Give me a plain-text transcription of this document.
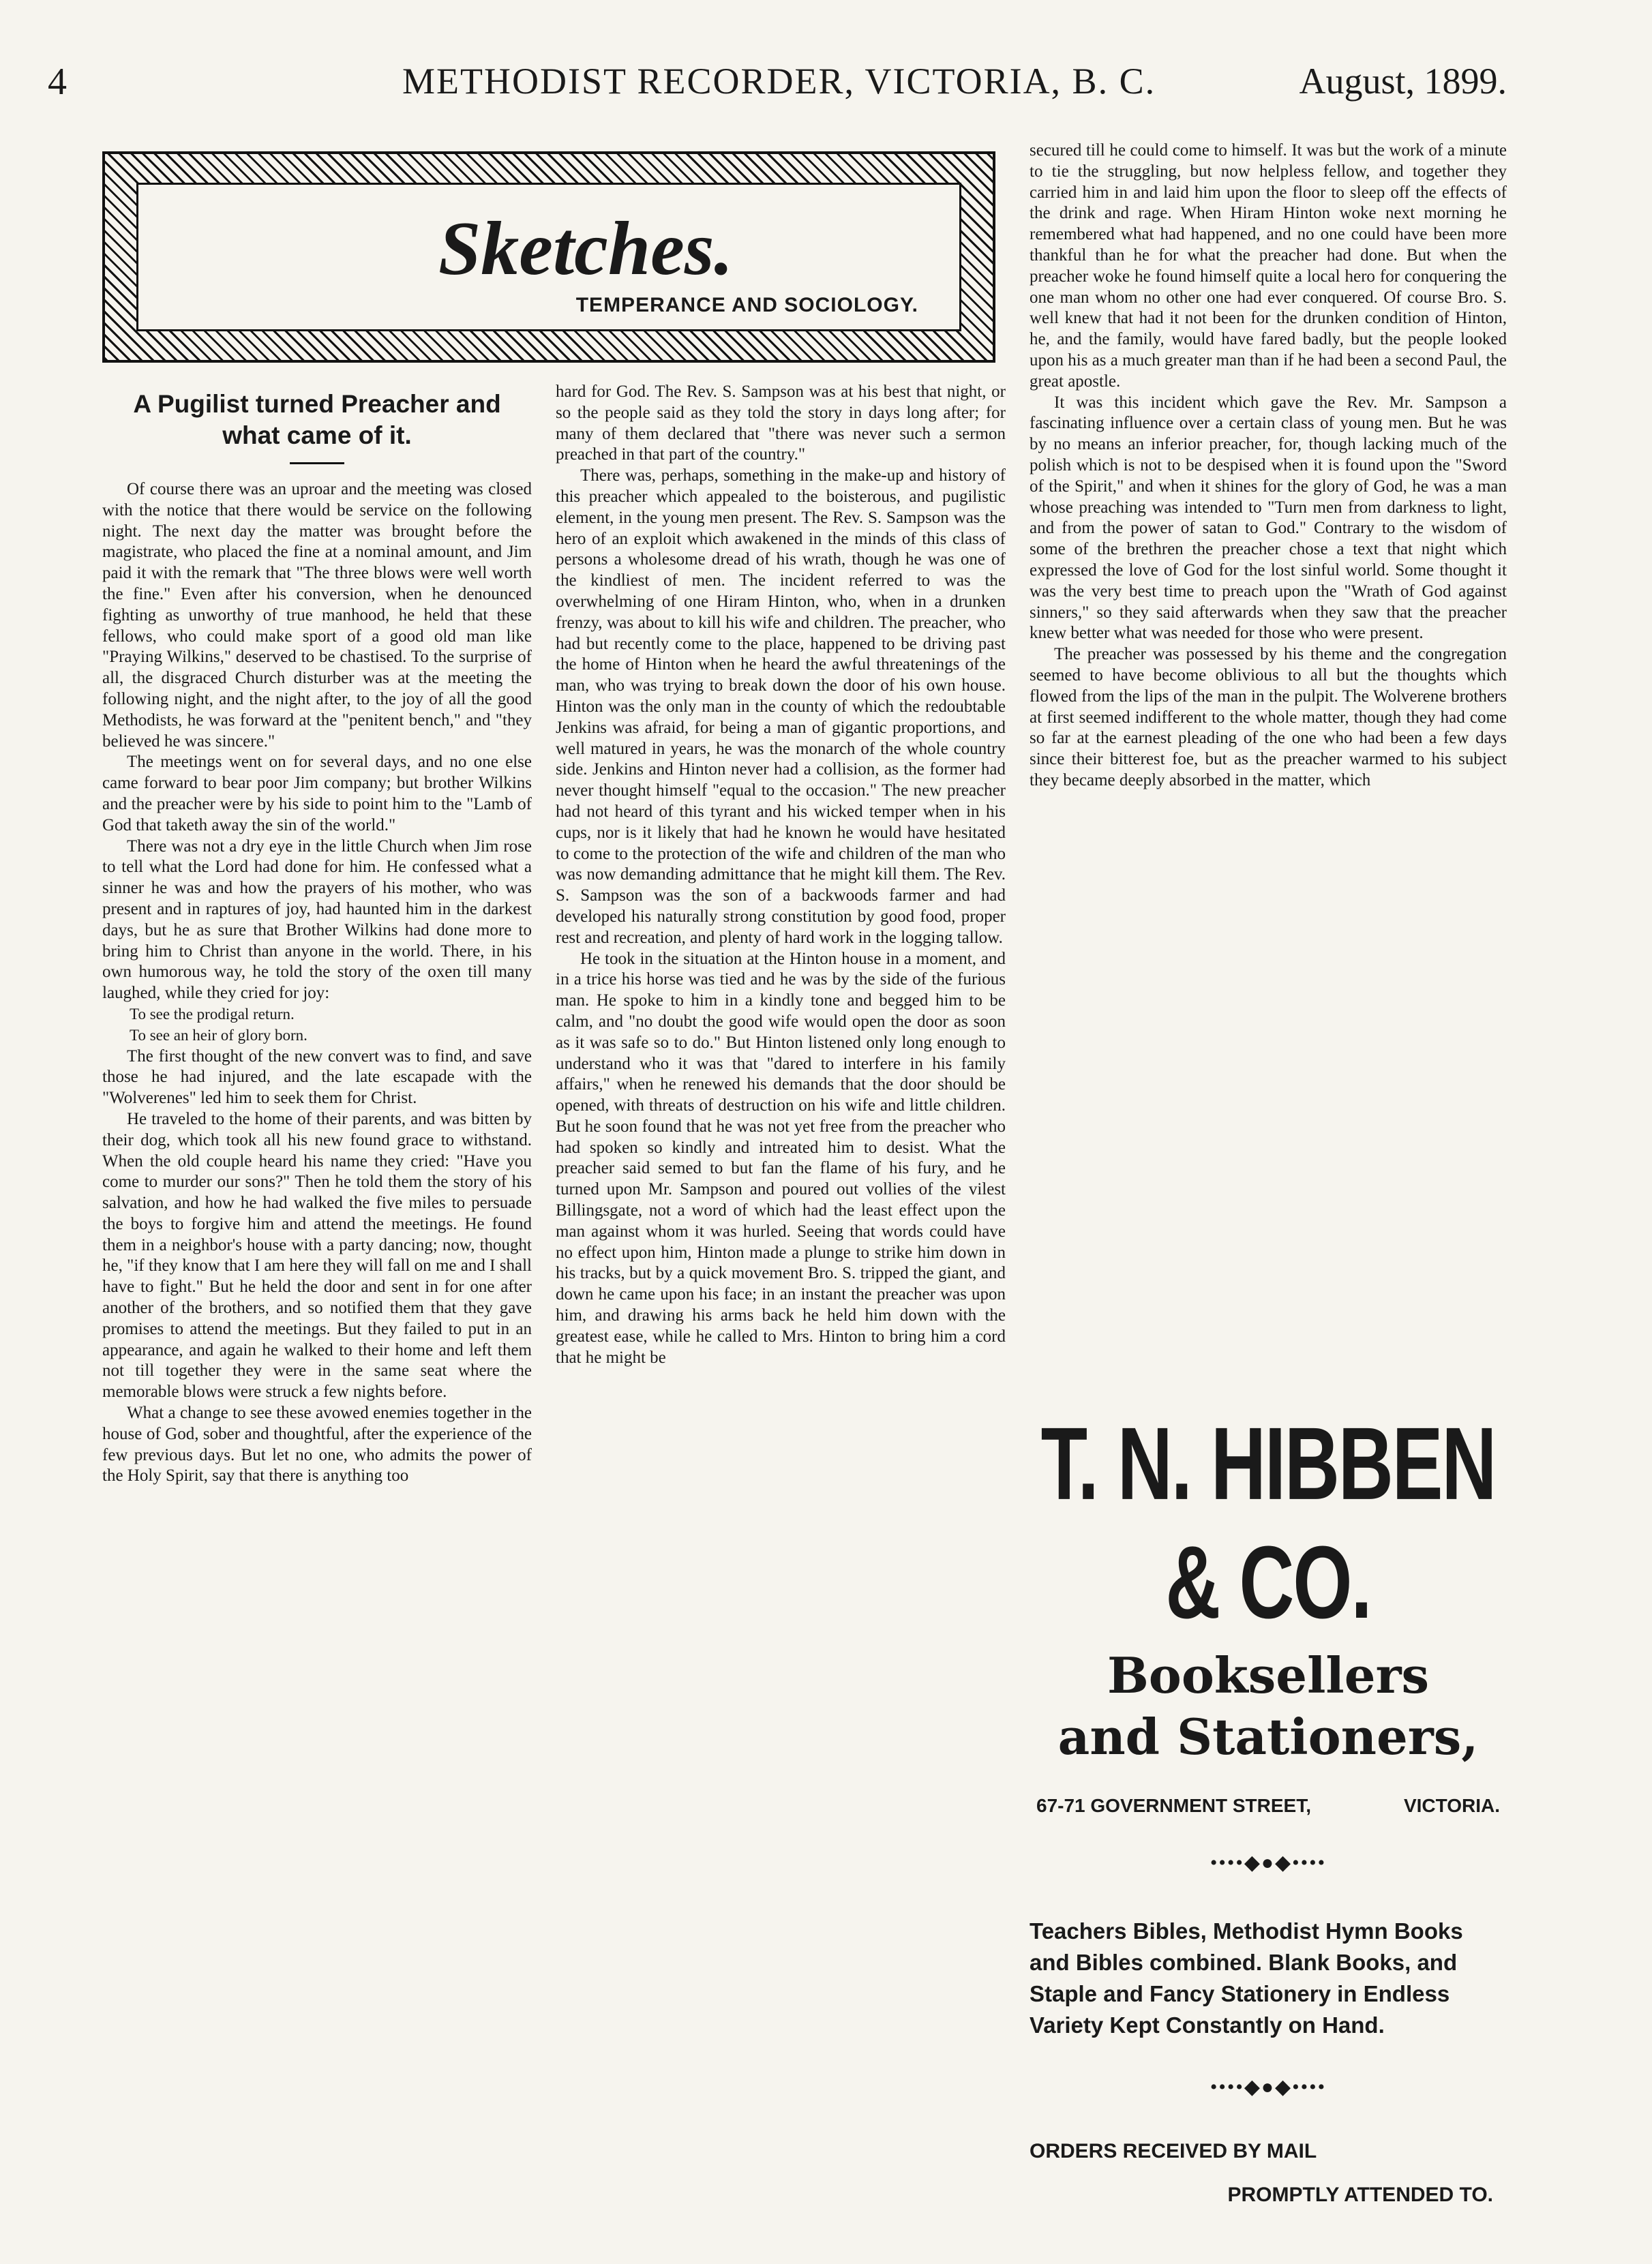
4	METHODIST RECORDER, VICTORIA, B. C.	August, 1899.
Sketches.
TEMPERANCE AND SOCIOLOGY.
A Pugilist turned Preacher and what came of it.

Of course there was an uproar and the meeting was closed with the notice that there would be service on the following night. The next day the matter was brought before the magistrate, who placed the fine at a nominal amount, and Jim paid it with the remark that "The three blows were well worth the fine." Even after his conversion, when he denounced fighting as unworthy of true manhood, he held that these fellows, who could make sport of a good old man like "Praying Wilkins," deserved to be chastised. To the surprise of all, the disgraced Church disturber was at the meeting the following night, and the night after, to the joy of all the good Methodists, he was forward at the "penitent bench," and "they believed he was sincere."

The meetings went on for several days, and no one else came forward to bear poor Jim company; but brother Wilkins and the preacher were by his side to point him to the "Lamb of God that taketh away the sin of the world."

There was not a dry eye in the little Church when Jim rose to tell what the Lord had done for him. He confessed what a sinner he was and how the prayers of his mother, who was present and in raptures of joy, had haunted him in the darkest days, but he as sure that Brother Wilkins had done more to bring him to Christ than anyone in the world. There, in his own humorous way, he told the story of the oxen till many laughed, while they cried for joy:

To see the prodigal return.

To see an heir of glory born.

The first thought of the new convert was to find, and save those he had injured, and the late escapade with the "Wolverenes" led him to seek them for Christ.

He traveled to the home of their parents, and was bitten by their dog, which took all his new found grace to withstand. When the old couple heard his name they cried: "Have you come to murder our sons?" Then he told them the story of his salvation, and how he had walked the five miles to persuade the boys to forgive him and attend the meetings. He found them in a neighbor's house with a party dancing; now, thought he, "if they know that I am here they will fall on me and I shall have to fight." But he held the door and sent in for one after another of the brothers, and so notified them that they gave promises to attend the meetings. But they failed to put in an appearance, and again he walked to their home and left them not till together they were in the same seat where the memorable blows were struck a few nights before.

What a change to see these avowed enemies together in the house of God, sober and thoughtful, after the experience of the few previous days. But let no one, who admits the power of the Holy Spirit, say that there is anything too

hard for God. The Rev. S. Sampson was at his best that night, or so the people said as they told the story in days long after; for many of them declared that "there was never such a sermon preached in that part of the country."

There was, perhaps, something in the make-up and history of this preacher which appealed to the boisterous, and pugilistic element, in the young men present. The Rev. S. Sampson was the hero of an exploit which awakened in the minds of this class of persons a wholesome dread of his wrath, though he was one of the kindliest of men. The incident referred to was the overwhelming of one Hiram Hinton, who, when in a drunken frenzy, was about to kill his wife and children. The preacher, who had but recently come to the place, happened to be driving past the home of Hinton when he heard the awful threatenings of the man, who was trying to break down the door of his own house. Hinton was the only man in the county of which the redoubtable Jenkins was afraid, for being a man of gigantic proportions, and well matured in years, he was the monarch of the whole country side. Jenkins and Hinton never had a collision, as the former had never thought himself "equal to the occasion." The new preacher had not heard of this tyrant and his wicked temper when in his cups, nor is it likely that had he known he would have hesitated to come to the protection of the wife and children of the man who was now demanding admittance that he might kill them. The Rev. S. Sampson was the son of a backwoods farmer and had developed his naturally strong constitution by good food, proper rest and recreation, and plenty of hard work in the logging tallow.

He took in the situation at the Hinton house in a moment, and in a trice his horse was tied and he was by the side of the furious man. He spoke to him in a kindly tone and begged him to be calm, and "no doubt the good wife would open the door as soon as it was safe so to do." But Hinton listened only long enough to understand who it was that "dared to interfere in his family affairs," when he renewed his demands that the door should be opened, with threats of destruction on his wife and little children. But he soon found that he was not yet free from the preacher who had spoken so kindly and intreated him to desist. What the preacher said semed to but fan the flame of his fury, and he turned upon Mr. Sampson and poured out vollies of the vilest Billingsgate, not a word of which had the least effect upon the man against whom it was hurled. Seeing that words could have no effect upon him, Hinton made a plunge to strike him down in his tracks, but by a quick movement Bro. S. tripped the giant, and down he came upon his face; in an instant the preacher was upon him, and drawing his arms back he held him down with the greatest ease, while he called to Mrs. Hinton to bring him a cord that he might be

secured till he could come to himself. It was but the work of a minute to tie the struggling, but now helpless fellow, and together they carried him in and laid him upon the floor to sleep off the effects of the drink and rage. When Hiram Hinton woke next morning he remembered what had happened, and no one could have been more thankful than he for what the preacher had done. But when the preacher woke he found himself quite a local hero for conquering the one man whom no other one had ever conquered. Of course Bro. S. well knew that had it not been for the drunken condition of Hinton, he, and the family, would have fared badly, but the people looked upon his as a much greater man than if he had been a second Paul, the great apostle.

It was this incident which gave the Rev. Mr. Sampson a fascinating influence over a certain class of young men. But he was by no means an inferior preacher, for, though lacking much of the polish which is not to be despised when it is found upon the "Sword of the Spirit," and when it shines for the glory of God, he was a man whose preaching was intended to "Turn men from darkness to light, and from the power of satan to God." Contrary to the wisdom of some of the brethren the preacher chose a text that night which expressed the love of God for the lost sinful world. Some thought it was the very best time to preach upon the "Wrath of God against sinners," so they said afterwards when they saw that the preacher knew better what was needed for those who were present.

The preacher was possessed by his theme and the congregation seemed to have become oblivious to all but the thoughts which flowed from the lips of the man in the pulpit. The Wolverene brothers at first seemed indifferent to the whole matter, though they had come so far at the earnest pleading of the one who had been a few days since their bitterest foe, but as the preacher warmed to his subject they became deeply absorbed in the matter, which

T. N. HIBBEN & CO.
Booksellers
and Stationers,
67-71 GOVERNMENT STREET,	VICTORIA.
••••◆●◆••••
Teachers Bibles, Methodist Hymn Books and Bibles combined. Blank Books, and Staple and Fancy Stationery in Endless Variety Kept Constantly on Hand.
••••◆●◆••••
ORDERS RECEIVED BY MAIL
PROMPTLY ATTENDED TO.
